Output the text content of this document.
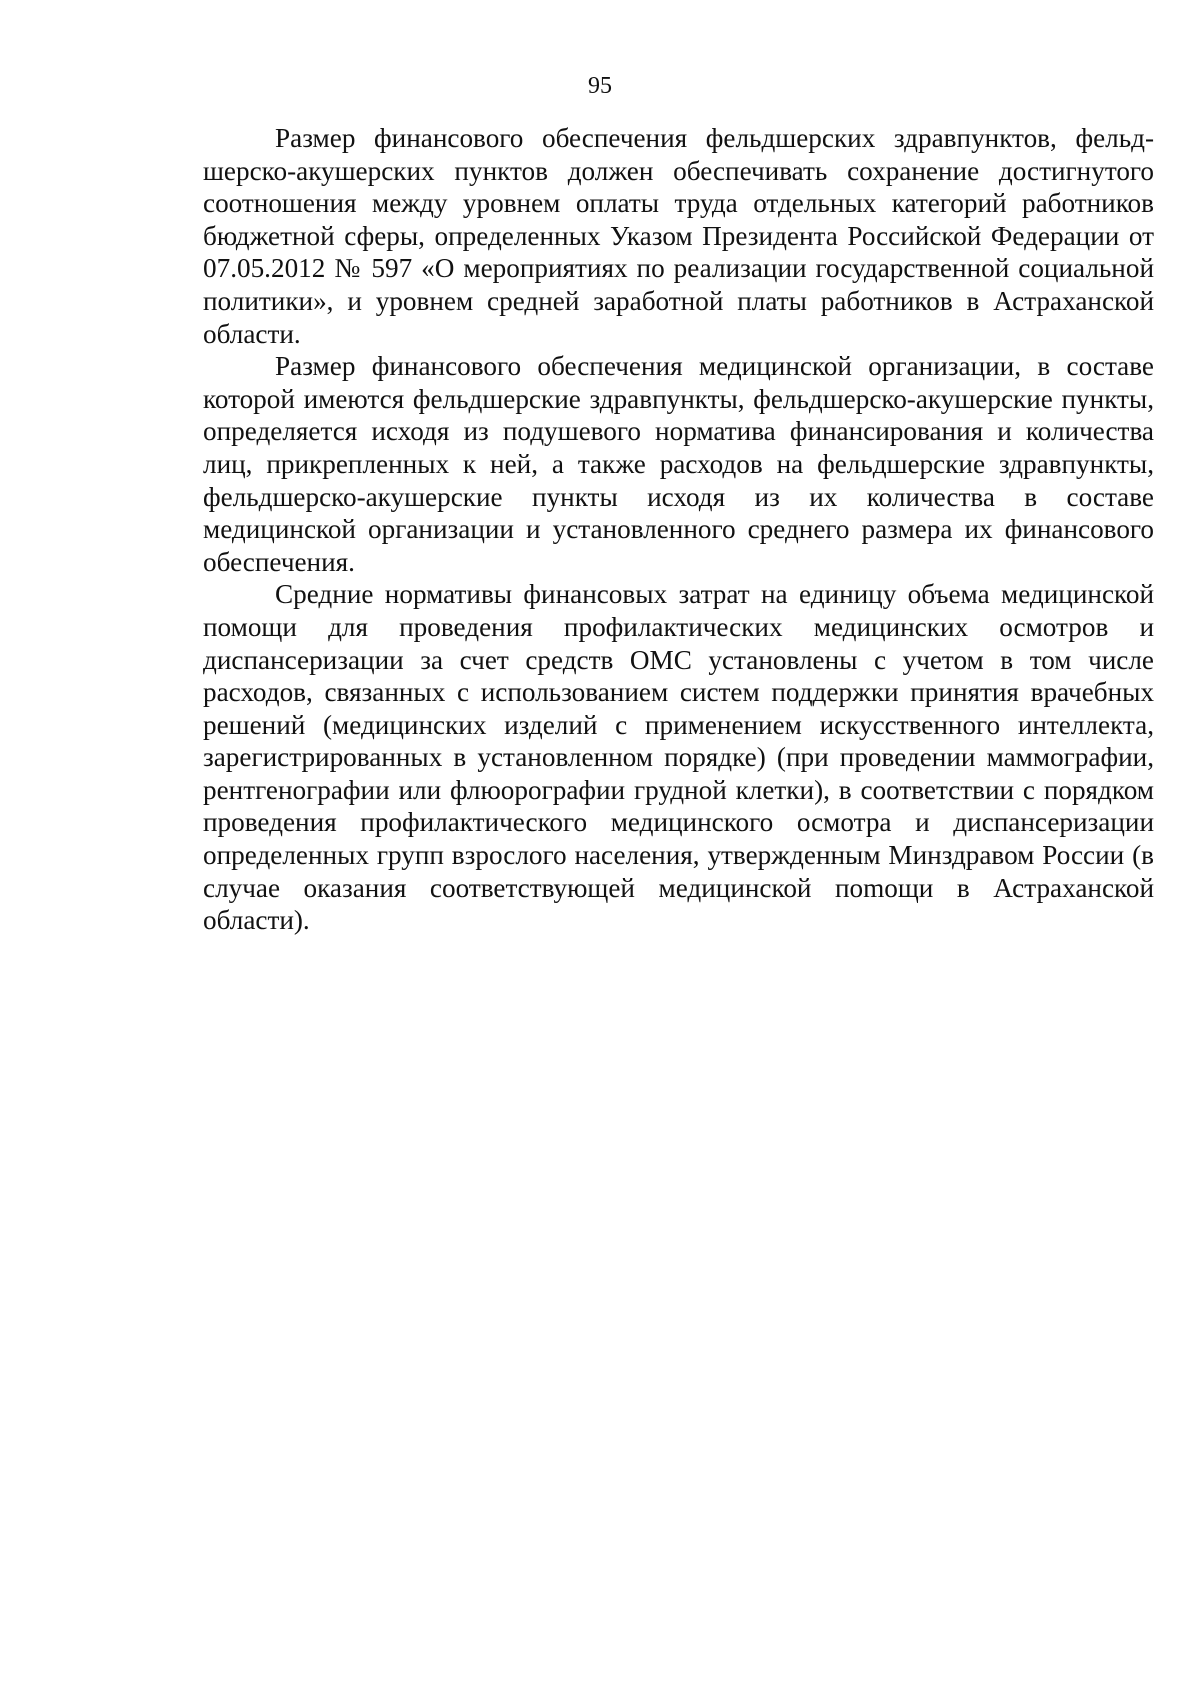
95

Размер финансового обеспечения фельдшерских здравпунктов, фельдшерско-акушерских пунктов должен обеспечивать сохранение достигнутого соотношения между уровнем оплаты труда отдельных категорий работников бюджетной сферы, определенных Указом Президента Российской Федерации от 07.05.2012 № 597 «О мероприятиях по реализации государственной социальной политики», и уровнем средней заработной платы работников в Астраханской области.

Размер финансового обеспечения медицинской организации, в составе которой имеются фельдшерские здравпункты, фельдшерско-акушерские пункты, определяется исходя из подушевого норматива финансирования и количества лиц, прикрепленных к ней, а также расходов на фельдшерские здравпункты, фельдшерско-акушерские пункты исходя из их количества в составе медицинской организации и установленного среднего размера их финансового обеспечения.

Средние нормативы финансовых затрат на единицу объема медицинской помощи для проведения профилактических медицинских осмотров и диспансеризации за счет средств ОМС установлены с учетом в том числе расходов, связанных с использованием систем поддержки принятия врачебных решений (медицинских изделий с применением искусственного интеллекта, зарегистрированных в установленном порядке) (при проведении маммографии, рентгенографии или флюорографии грудной клетки), в соответствии с порядком проведения профилактического медицинского осмотра и диспансеризации определенных групп взрослого населения, утвержденным Минздравом России (в случае оказания соответствующей медицинской поmощи в Астраханской области).
